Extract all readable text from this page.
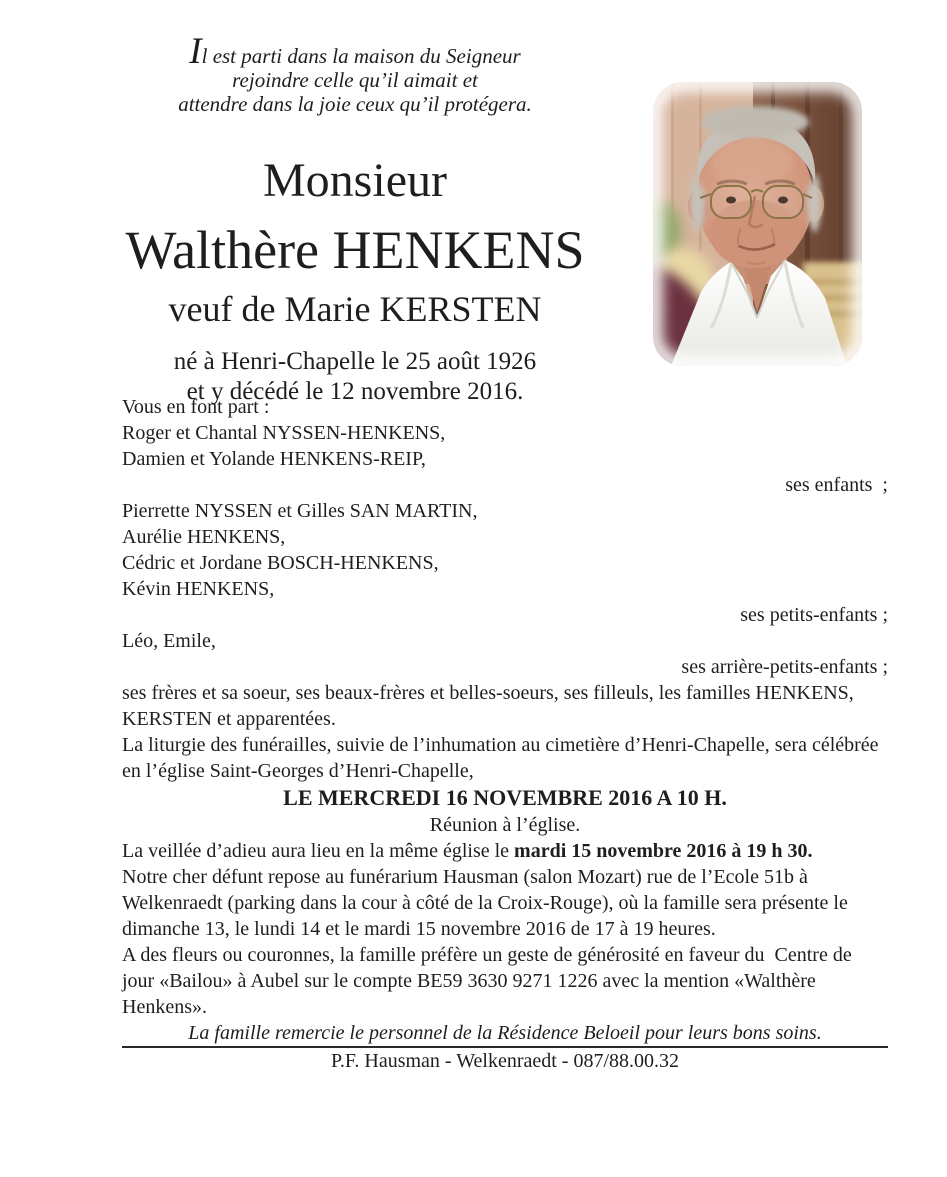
Il est parti dans la maison du Seigneur
rejoindre celle qu’il aimait et
attendre dans la joie ceux qu’il protégera.
Monsieur
Walthère HENKENS
veuf de Marie KERSTEN
né à Henri-Chapelle le 25 août 1926
et y décédé le 12 novembre 2016.

Vous en font part :

Roger et Chantal NYSSEN-HENKENS,
Damien et Yolande HENKENS-REIP,
ses enfants  ;
Pierrette NYSSEN et Gilles SAN MARTIN,
Aurélie HENKENS,
Cédric et Jordane BOSCH-HENKENS,
Kévin HENKENS,
ses petits-enfants ;
Léo, Emile,
ses arrière-petits-enfants ;

ses frères et sa soeur, ses beaux-frères et belles-soeurs, ses filleuls, les familles HENKENS, KERSTEN et apparentées.

La liturgie des funérailles, suivie de l’inhumation au cimetière d’Henri-Chapelle, sera célébrée en l’église Saint-Georges d’Henri-Chapelle,

LE MERCREDI 16 NOVEMBRE 2016 A 10 H.

Réunion à l’église.

La veillée d’adieu aura lieu en la même église le mardi 15 novembre 2016 à 19 h 30.

Notre cher défunt repose au funérarium Hausman (salon Mozart) rue de l’Ecole 51b à Welkenraedt (parking dans la cour à côté de la Croix-Rouge), où la famille sera présente le dimanche 13, le lundi 14 et le mardi 15 novembre 2016 de 17 à 19 heures.

A des fleurs ou couronnes, la famille préfère un geste de générosité en faveur du  Centre de jour «Bailou» à Aubel sur le compte BE59 3630 9271 1226 avec la mention «Walthère Henkens».

La famille remercie le personnel de la Résidence Beloeil pour leurs bons soins.

P.F. Hausman - Welkenraedt - 087/88.00.32
